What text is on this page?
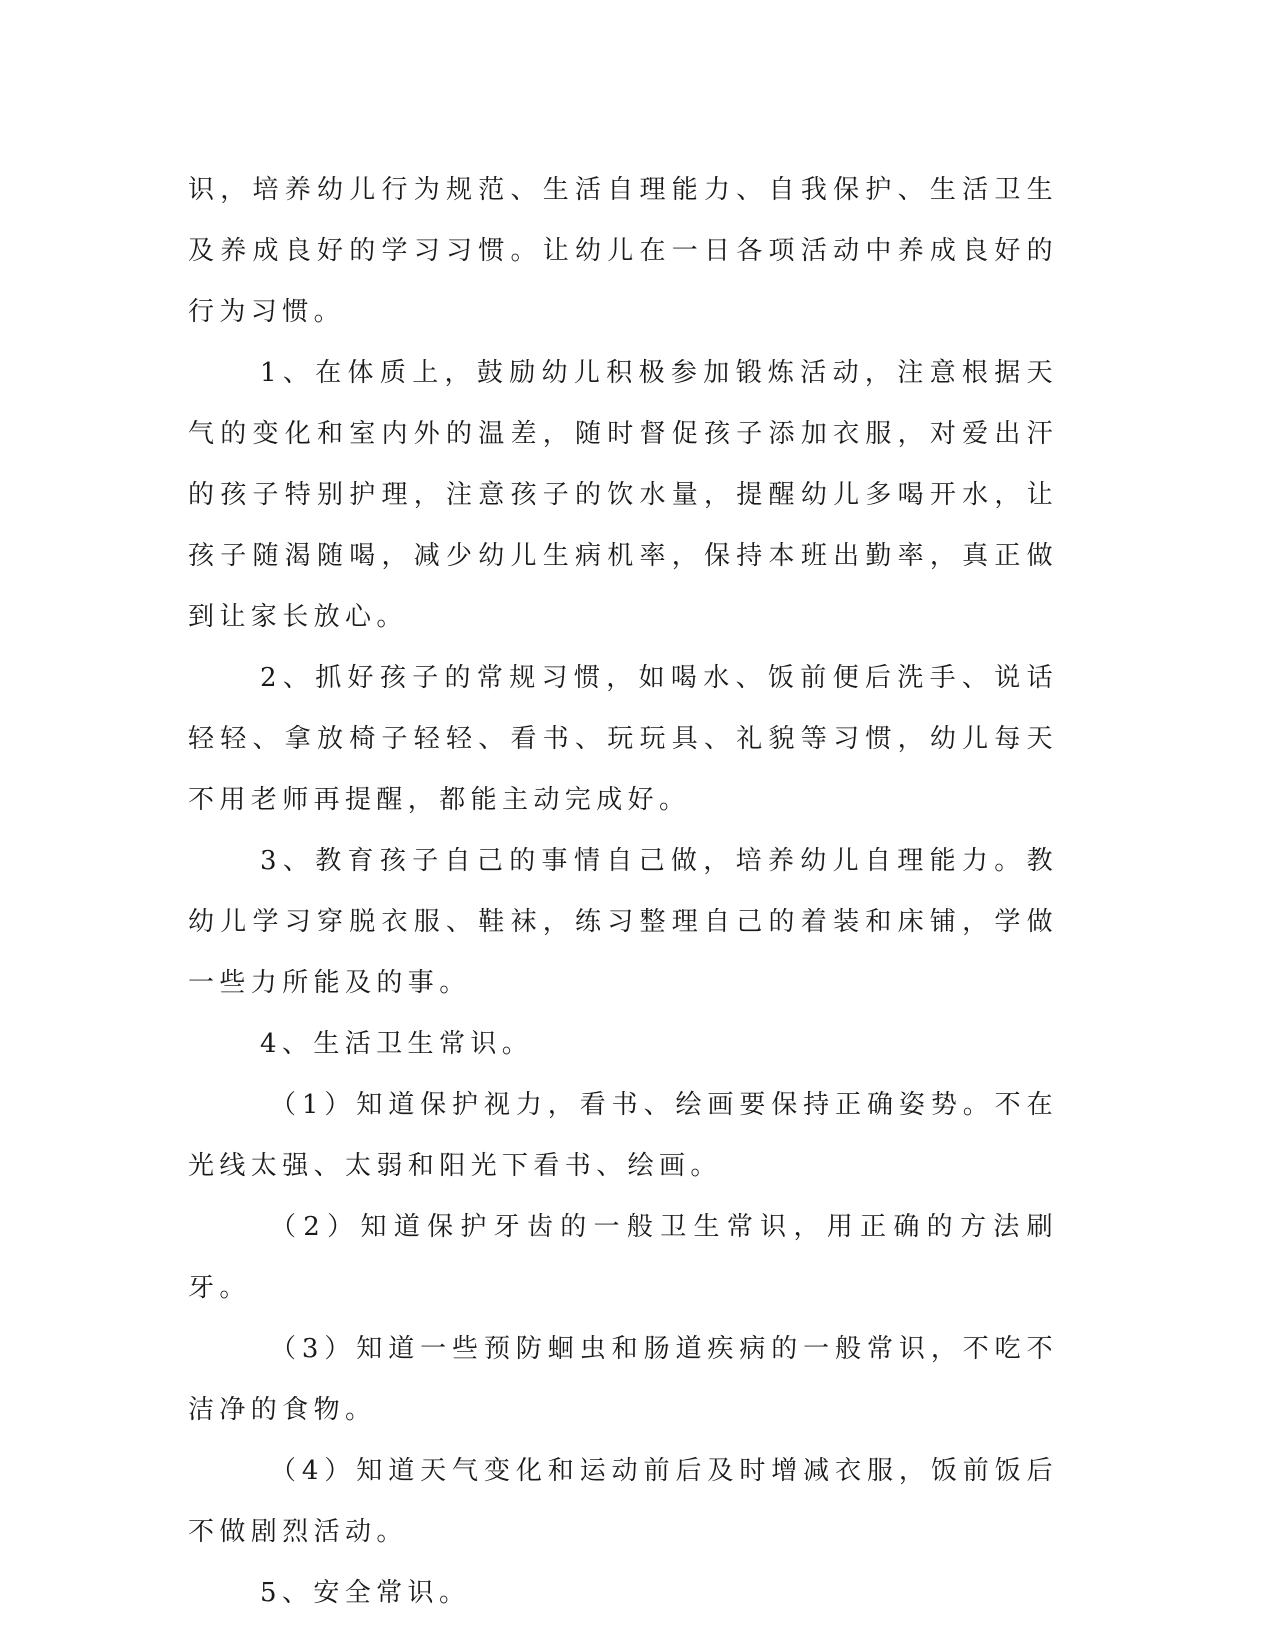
识，培养幼儿行为规范、生活自理能力、自我保护、生活卫生及养成良好的学习习惯。让幼儿在一日各项活动中养成良好的行为习惯。

1、在体质上，鼓励幼儿积极参加锻炼活动，注意根据天气的变化和室内外的温差，随时督促孩子添加衣服，对爱出汗的孩子特别护理，注意孩子的饮水量，提醒幼儿多喝开水，让孩子随渴随喝，减少幼儿生病机率，保持本班出勤率，真正做到让家长放心。

2、抓好孩子的常规习惯，如喝水、饭前便后洗手、说话轻轻、拿放椅子轻轻、看书、玩玩具、礼貌等习惯，幼儿每天不用老师再提醒，都能主动完成好。

3、教育孩子自己的事情自己做，培养幼儿自理能力。教幼儿学习穿脱衣服、鞋袜，练习整理自己的着装和床铺，学做一些力所能及的事。

4、生活卫生常识。

（1）知道保护视力，看书、绘画要保持正确姿势。不在光线太强、太弱和阳光下看书、绘画。

（2）知道保护牙齿的一般卫生常识，用正确的方法刷牙。

（3）知道一些预防蛔虫和肠道疾病的一般常识，不吃不洁净的食物。

（4）知道天气变化和运动前后及时增减衣服，饭前饭后不做剧烈活动。

5、安全常识。
